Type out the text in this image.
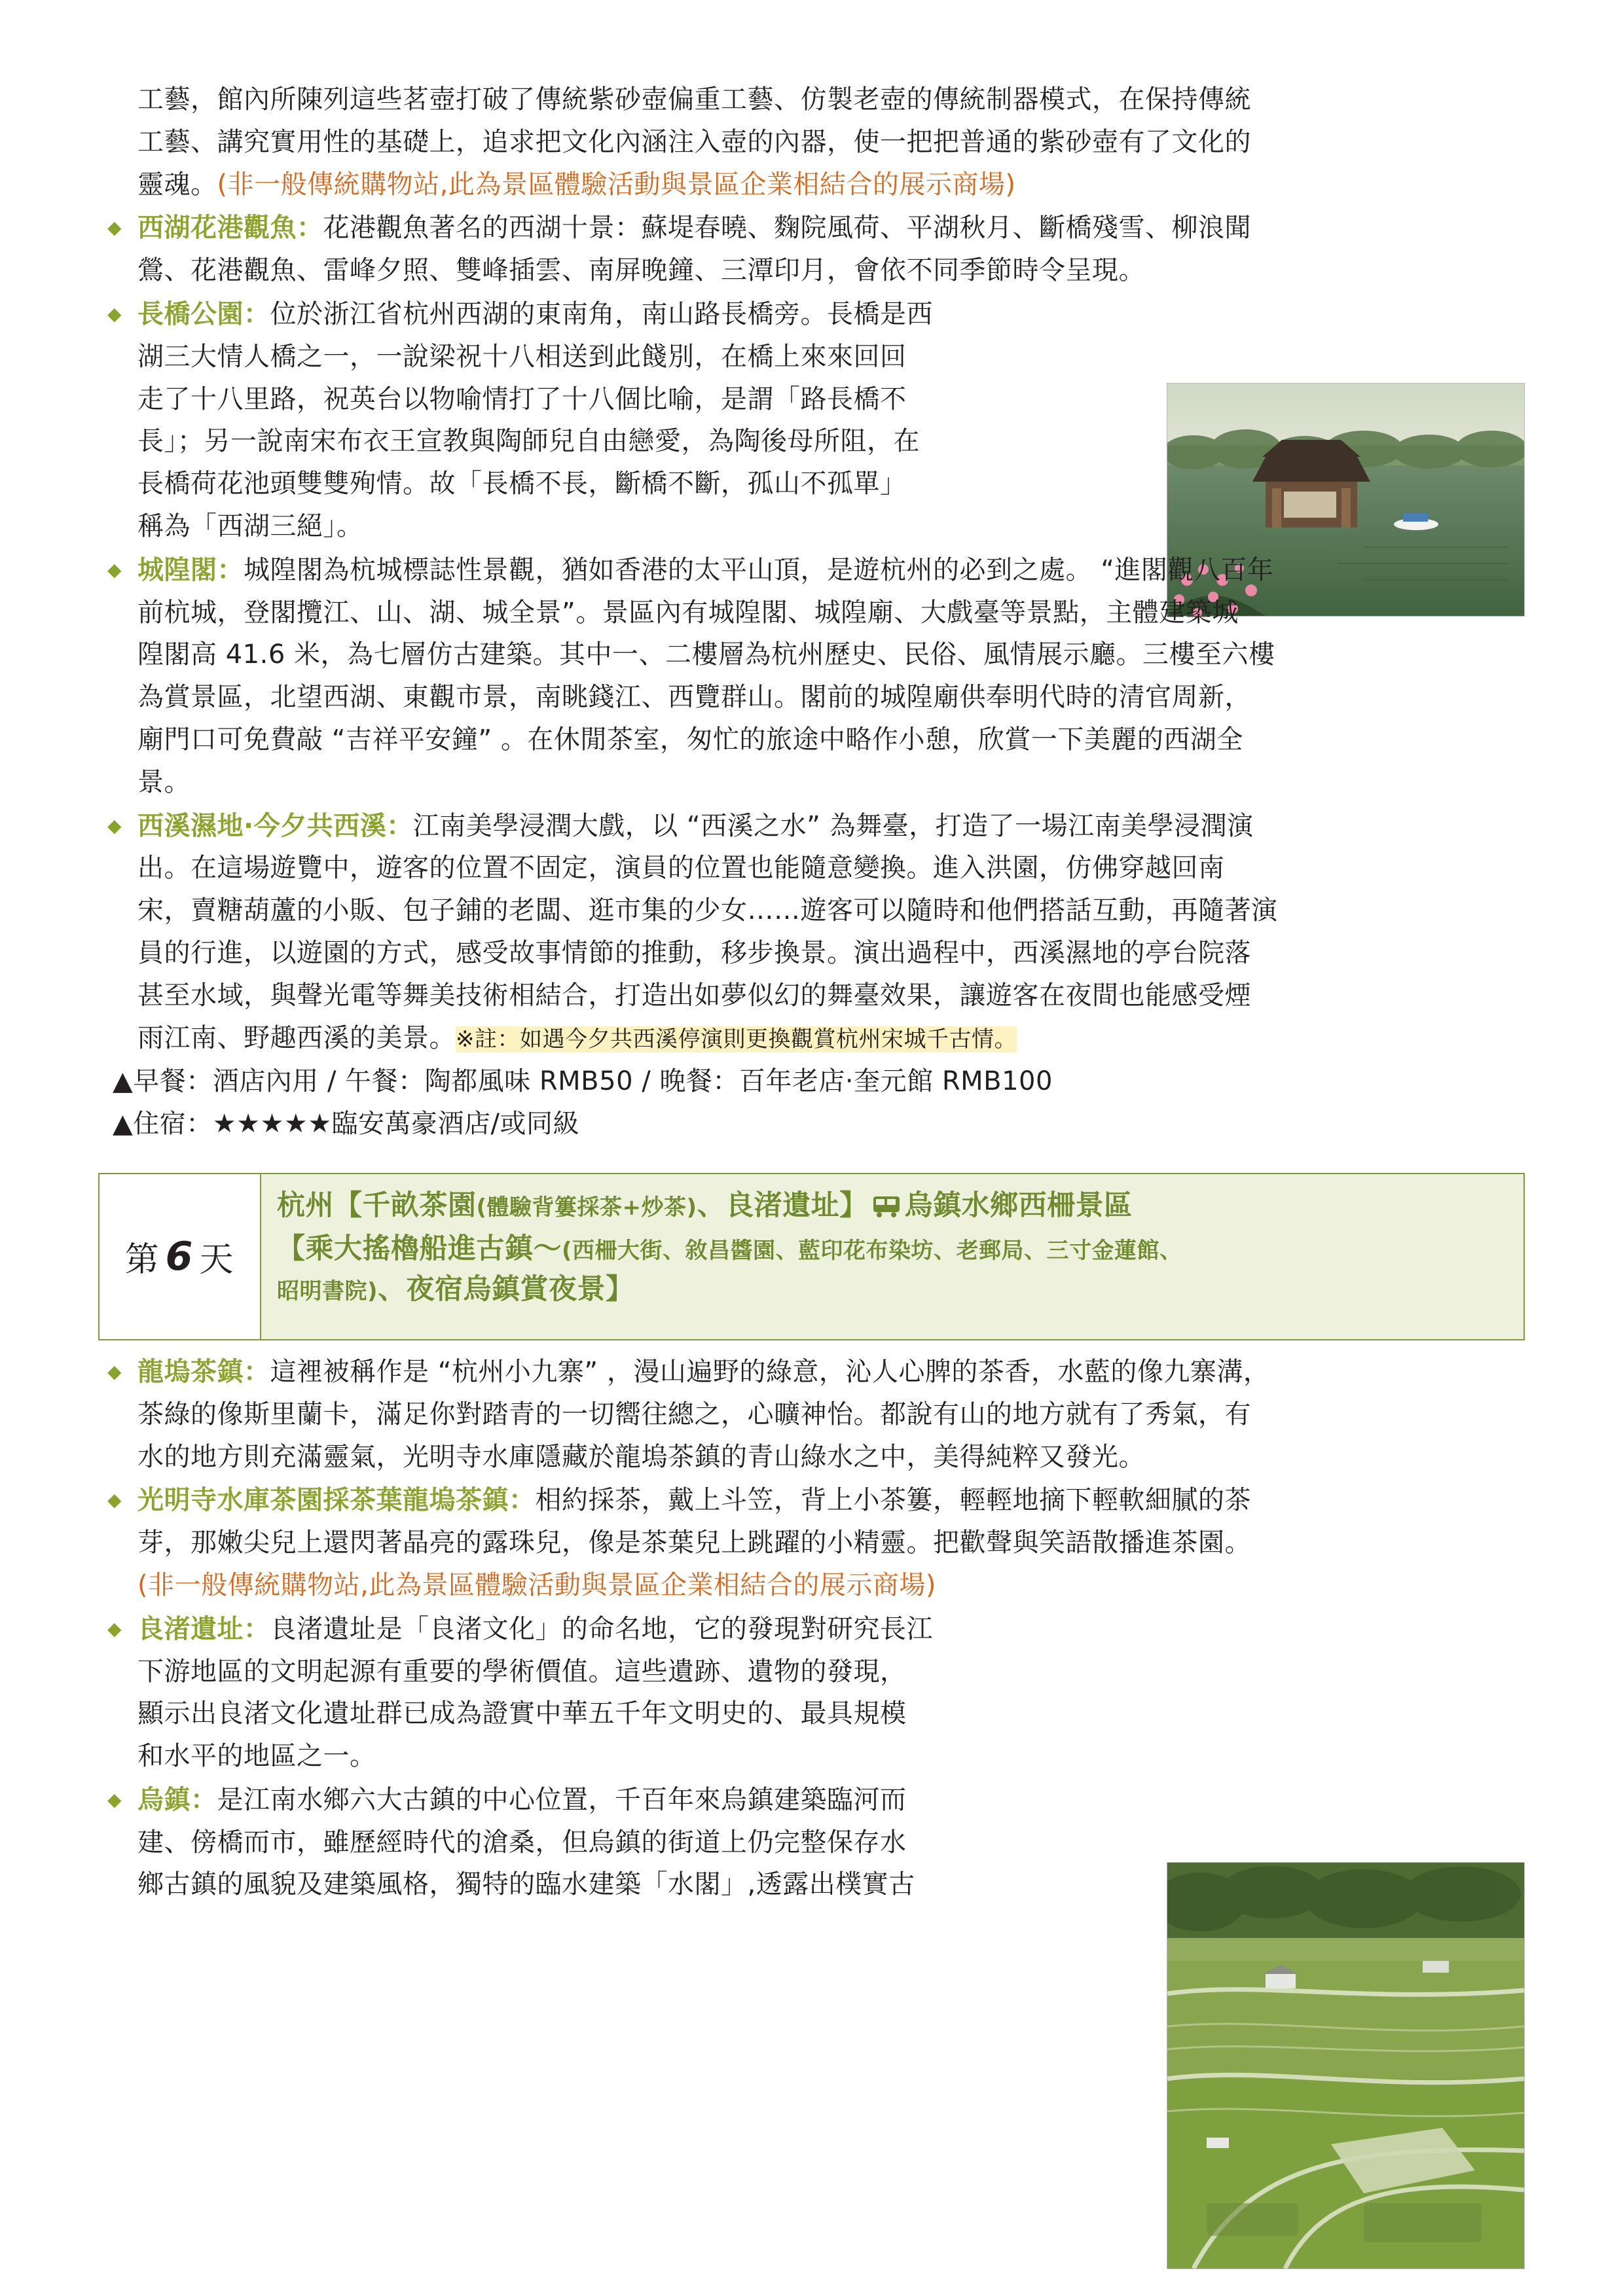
工藝，館內所陳列這些茗壺打破了傳統紫砂壺偏重工藝、仿製老壺的傳統制器模式，在保持傳統
工藝、講究實用性的基礎上，追求把文化內涵注入壺的內器，使一把把普通的紫砂壺有了文化的
靈魂。(非一般傳統購物站,此為景區體驗活動與景區企業相結合的展示商場)
西湖花港觀魚：花港觀魚著名的西湖十景：蘇堤春曉、麴院風荷、平湖秋月、斷橋殘雪、柳浪聞
鶯、花港觀魚、雷峰夕照、雙峰插雲、南屏晚鐘、三潭印月，會依不同季節時令呈現。
長橋公園：位於浙江省杭州西湖的東南角，南山路長橋旁。長橋是西
湖三大情人橋之一，一說梁祝十八相送到此餞別，在橋上來來回回
走了十八里路，祝英台以物喻情打了十八個比喻，是謂「路長橋不
長」；另一說南宋布衣王宣教與陶師兒自由戀愛，為陶後母所阻，在
長橋荷花池頭雙雙殉情。故「長橋不長，斷橋不斷，孤山不孤單」
稱為「西湖三絕」。
城隍閣：城隍閣為杭城標誌性景觀，猶如香港的太平山頂，是遊杭州的必到之處。 “進閣觀八百年
前杭城，登閣攬江、山、湖、城全景”。景區內有城隍閣、城隍廟、大戲臺等景點，主體建築城
隍閣高 41.6 米，為七層仿古建築。其中一、二樓層為杭州歷史、民俗、風情展示廳。三樓至六樓
為賞景區，北望西湖、東觀市景，南眺錢江、西覽群山。閣前的城隍廟供奉明代時的清官周新，
廟門口可免費敲 “吉祥平安鐘” 。在休閒茶室，匆忙的旅途中略作小憩，欣賞一下美麗的西湖全
景。
西溪濕地·今夕共西溪：江南美學浸潤大戲，以 “西溪之水” 為舞臺，打造了一場江南美學浸潤演
出。在這場遊覽中，遊客的位置不固定，演員的位置也能隨意變換。進入洪園，仿佛穿越回南
宋，賣糖葫蘆的小販、包子鋪的老闆、逛市集的少女……遊客可以隨時和他們搭話互動，再隨著演
員的行進，以遊園的方式，感受故事情節的推動，移步換景。演出過程中，西溪濕地的亭台院落
甚至水域，與聲光電等舞美技術相結合，打造出如夢似幻的舞臺效果，讓遊客在夜間也能感受煙
雨江南、野趣西溪的美景。※註：如遇今夕共西溪停演則更換觀賞杭州宋城千古情。
▲早餐：酒店內用 / 午餐：陶都風味 RMB50 / 晚餐：百年老店·奎元館 RMB100
▲住宿：★★★★★臨安萬豪酒店/或同級
第 6 天
杭州【千畝茶園(體驗背簍採茶+炒茶)、良渚遺址】 烏鎮水鄉西柵景區
【乘大搖櫓船進古鎮～(西柵大街、敘昌醬園、藍印花布染坊、老郵局、三寸金蓮館、
昭明書院)、夜宿烏鎮賞夜景】
龍塢茶鎮：這裡被稱作是 “杭州小九寨” ，漫山遍野的綠意，沁人心脾的茶香，水藍的像九寨溝，
茶綠的像斯里蘭卡，滿足你對踏青的一切嚮往總之，心曠神怡。都說有山的地方就有了秀氣，有
水的地方則充滿靈氣，光明寺水庫隱藏於龍塢茶鎮的青山綠水之中，美得純粹又發光。
光明寺水庫茶園採茶葉龍塢茶鎮：相約採茶，戴上斗笠，背上小茶簍，輕輕地摘下輕軟細膩的茶
芽，那嫩尖兒上還閃著晶亮的露珠兒，像是茶葉兒上跳躍的小精靈。把歡聲與笑語散播進茶園。
(非一般傳統購物站,此為景區體驗活動與景區企業相結合的展示商場)
良渚遺址：良渚遺址是「良渚文化」的命名地，它的發現對研究長江
下游地區的文明起源有重要的學術價值。這些遺跡、遺物的發現，
顯示出良渚文化遺址群已成為證實中華五千年文明史的、最具規模
和水平的地區之一。
烏鎮：是江南水鄉六大古鎮的中心位置，千百年來烏鎮建築臨河而
建、傍橋而市，雖歷經時代的滄桑，但烏鎮的街道上仍完整保存水
鄉古鎮的風貌及建築風格，獨特的臨水建築「水閣」,透露出樸實古
